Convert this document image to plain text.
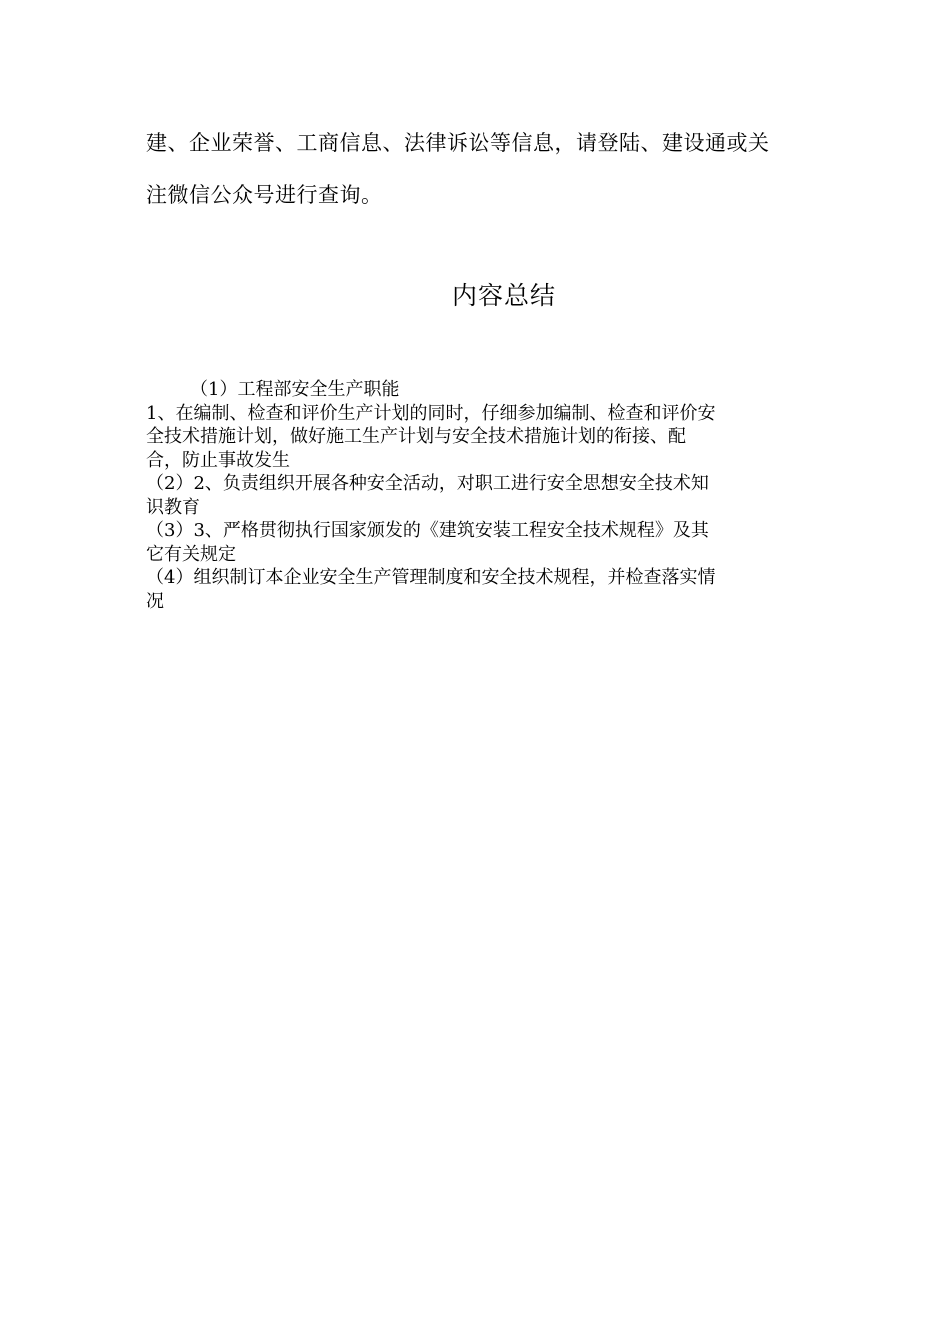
建、企业荣誉、工商信息、法律诉讼等信息，请登陆、建设通或关

注微信公众号进行查询。

内容总结

（1）工程部安全生产职能

1、在编制、检查和评价生产计划的同时，仔细参加编制、检查和评价安

全技术措施计划，做好施工生产计划与安全技术措施计划的衔接、配

合，防止事故发生

（2）2、负责组织开展各种安全活动，对职工进行安全思想安全技术知

识教育

（3）3、严格贯彻执行国家颁发的《建筑安装工程安全技术规程》及其

它有关规定

（4）组织制订本企业安全生产管理制度和安全技术规程，并检查落实情

况
